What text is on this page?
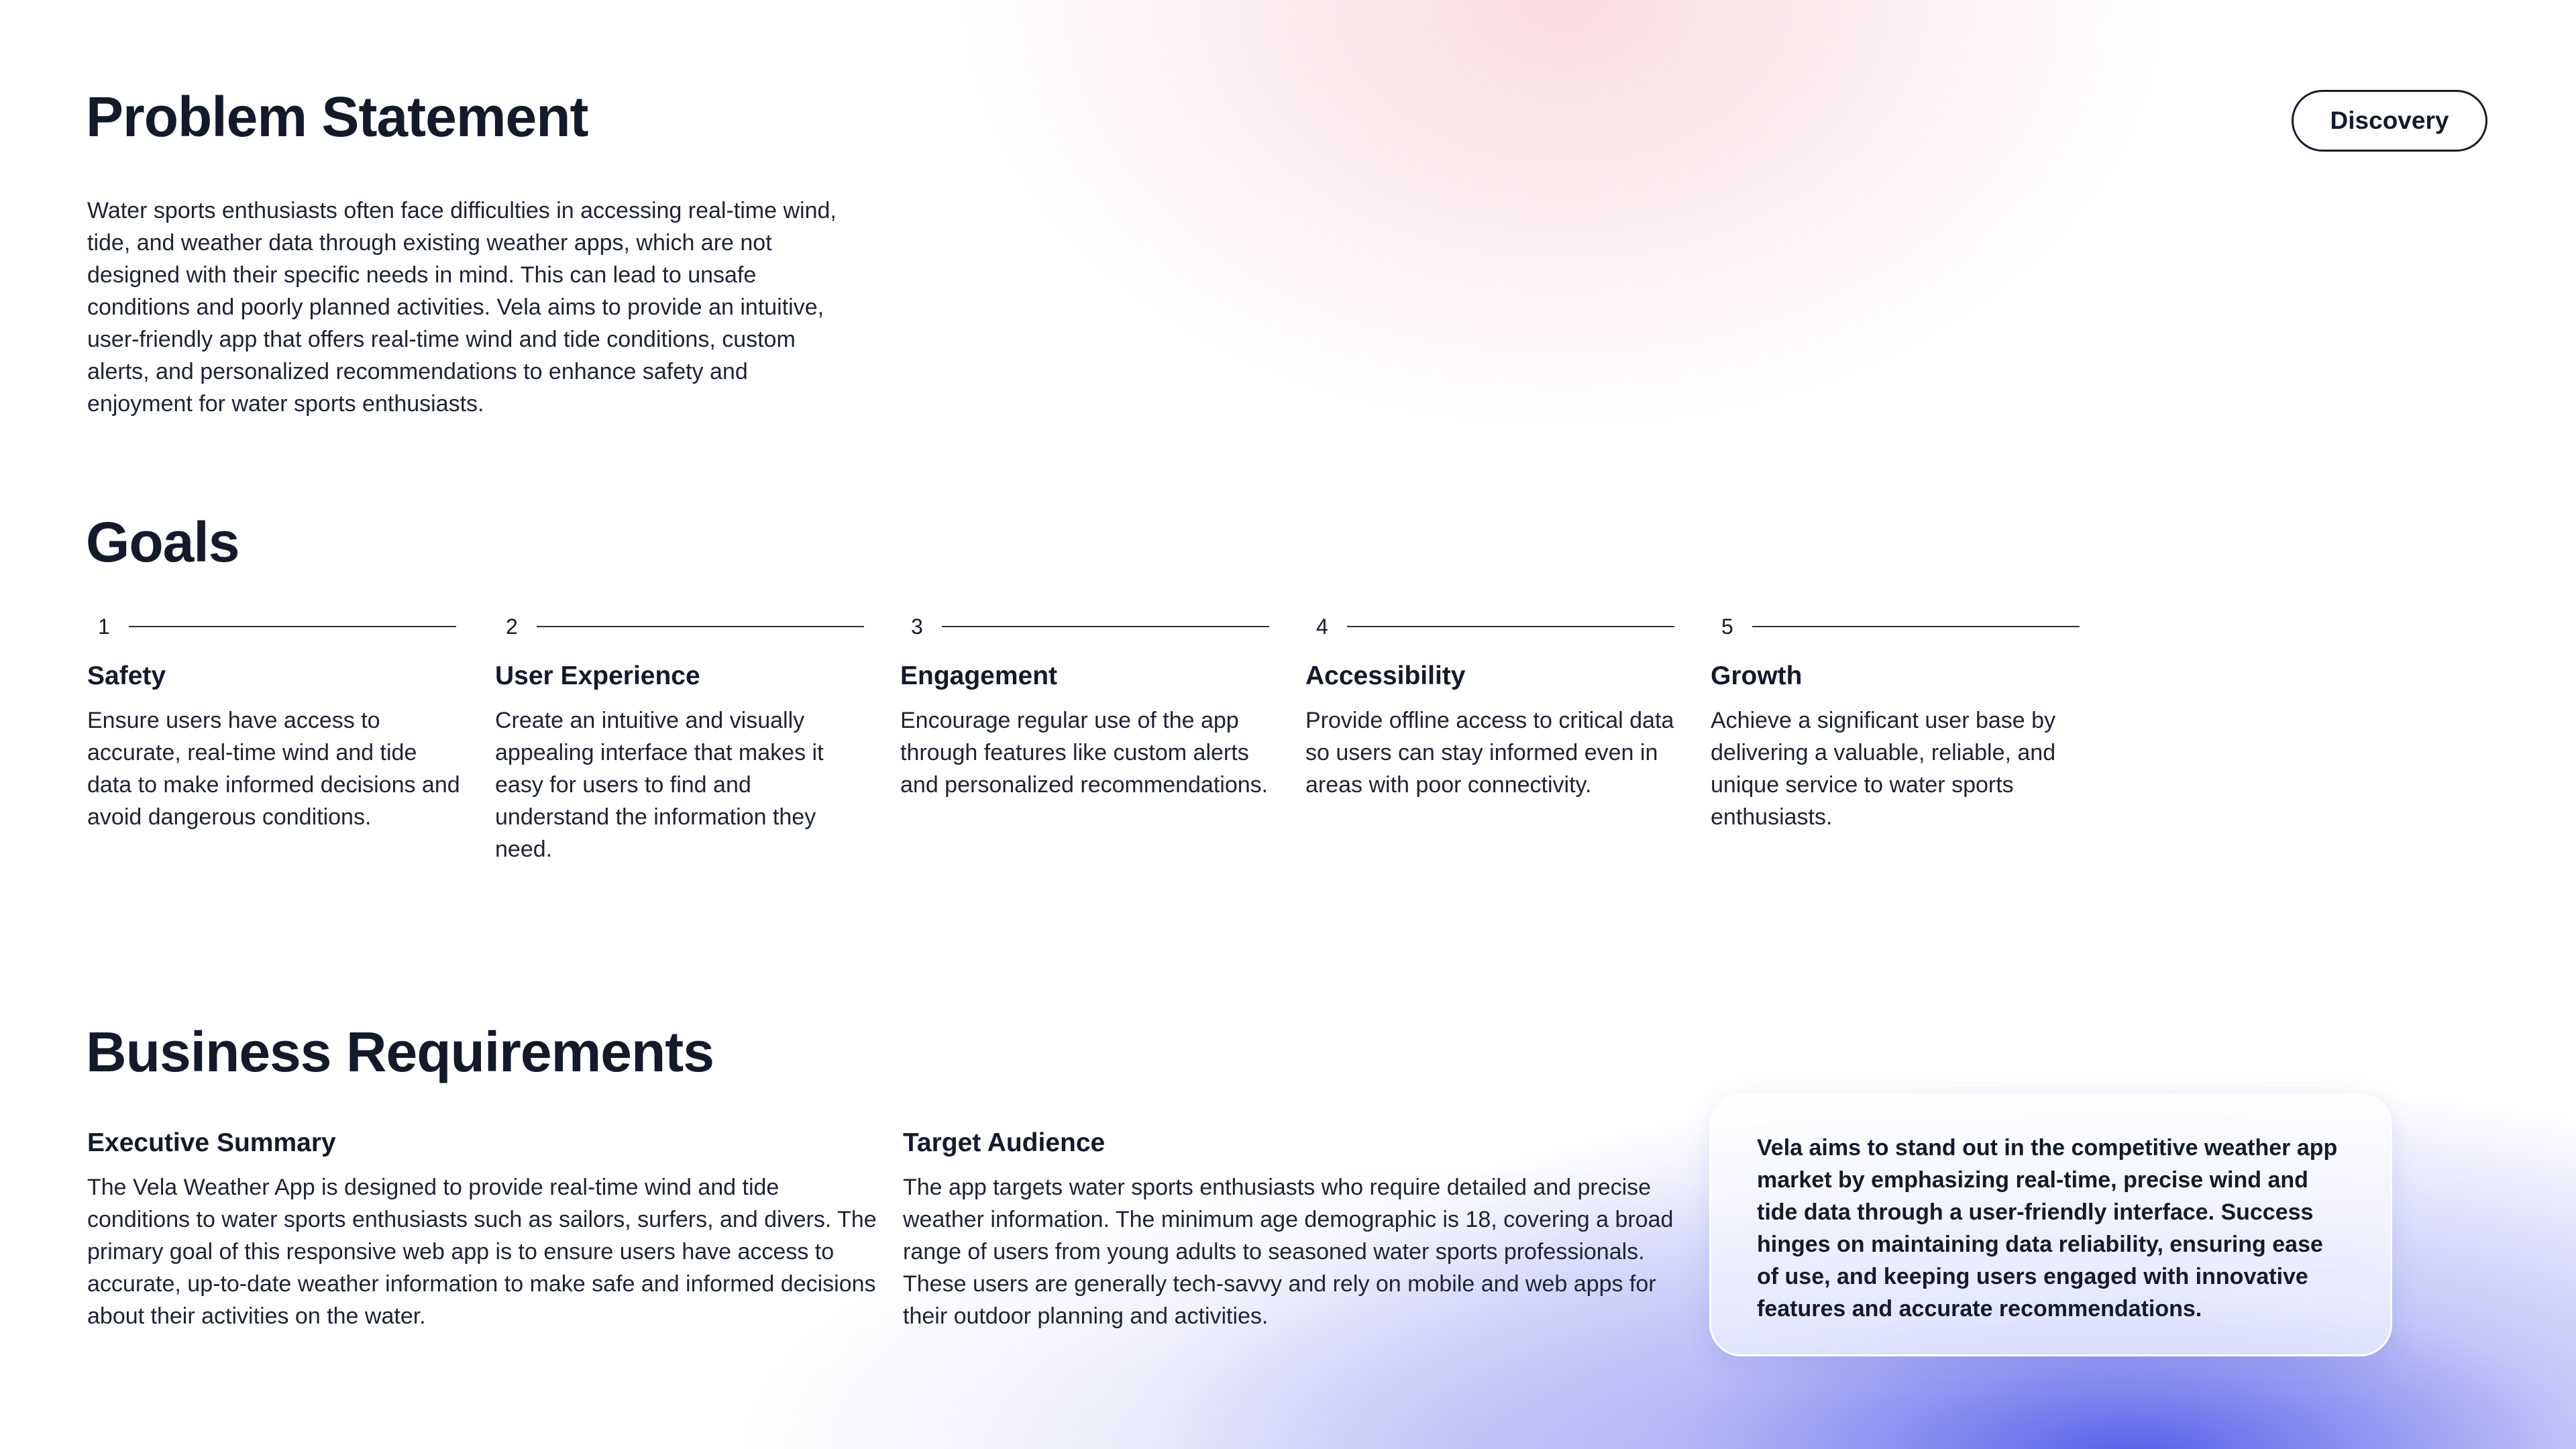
Problem Statement

Water sports enthusiasts often face difficulties in accessing real-time wind, tide, and weather data through existing weather apps, which are not designed with their specific needs in mind. This can lead to unsafe conditions and poorly planned activities. Vela aims to provide an intuitive, user-friendly app that offers real-time wind and tide conditions, custom alerts, and personalized recommendations to enhance safety and enjoyment for water sports enthusiasts.

Discovery
Goals
1
Safety

Ensure users have access to accurate, real-time wind and tide data to make informed decisions and avoid dangerous conditions.

2
User Experience

Create an intuitive and visually appealing interface that makes it easy for users to find and understand the information they need.

3
Engagement

Encourage regular use of the app through features like custom alerts and personalized recommendations.

4
Accessibility

Provide offline access to critical data so users can stay informed even in areas with poor connectivity.

5
Growth

Achieve a significant user base by delivering a valuable, reliable, and unique service to water sports enthusiasts.

Business Requirements
Executive Summary

The Vela Weather App is designed to provide real-time wind and tide conditions to water sports enthusiasts such as sailors, surfers, and divers. The primary goal of this responsive web app is to ensure users have access to accurate, up-to-date weather information to make safe and informed decisions about their activities on the water.

Target Audience

The app targets water sports enthusiasts who require detailed and precise weather information. The minimum age demographic is 18, covering a broad range of users from young adults to seasoned water sports professionals. These users are generally tech-savvy and rely on mobile and web apps for their outdoor planning and activities.

Vela aims to stand out in the competitive weather app market by emphasizing real-time, precise wind and tide data through a user-friendly interface. Success hinges on maintaining data reliability, ensuring ease of use, and keeping users engaged with innovative features and accurate recommendations.
